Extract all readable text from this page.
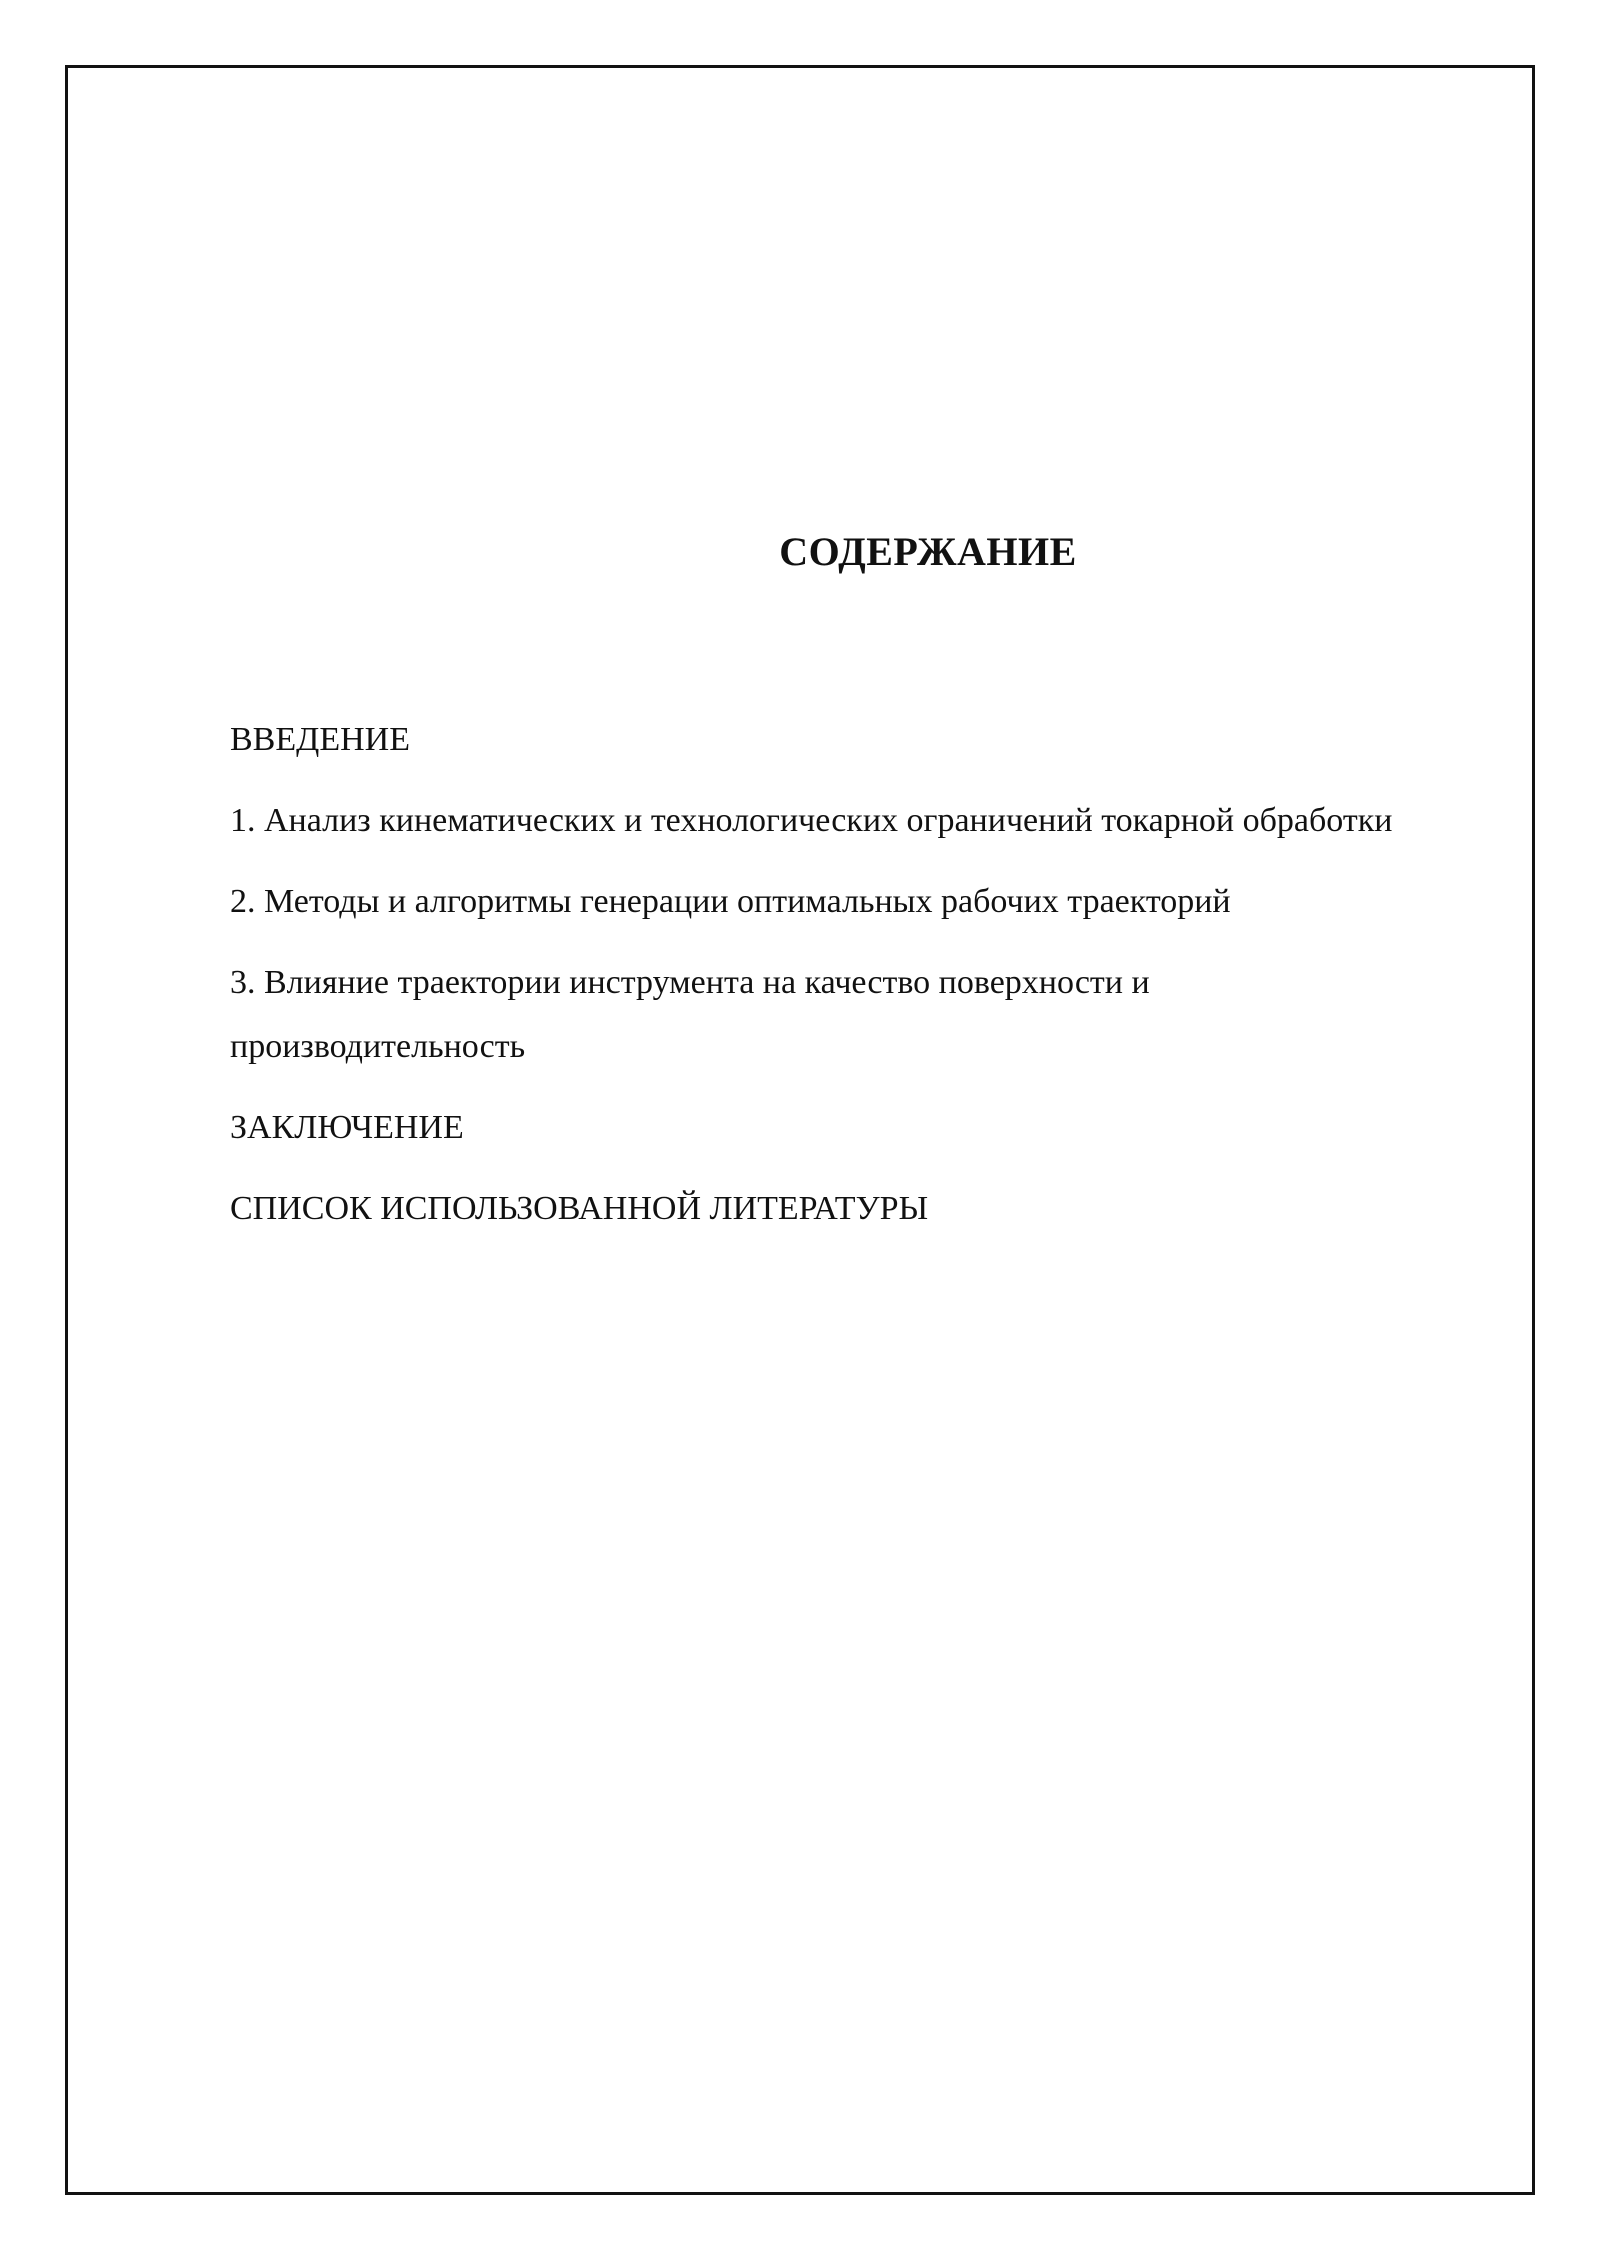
СОДЕРЖАНИЕ
ВВЕДЕНИЕ
1. Анализ кинематических и технологических ограничений токарной обработки
2. Методы и алгоритмы генерации оптимальных рабочих траекторий
3. Влияние траектории инструмента на качество поверхности и производительность
ЗАКЛЮЧЕНИЕ
СПИСОК ИСПОЛЬЗОВАННОЙ ЛИТЕРАТУРЫ
